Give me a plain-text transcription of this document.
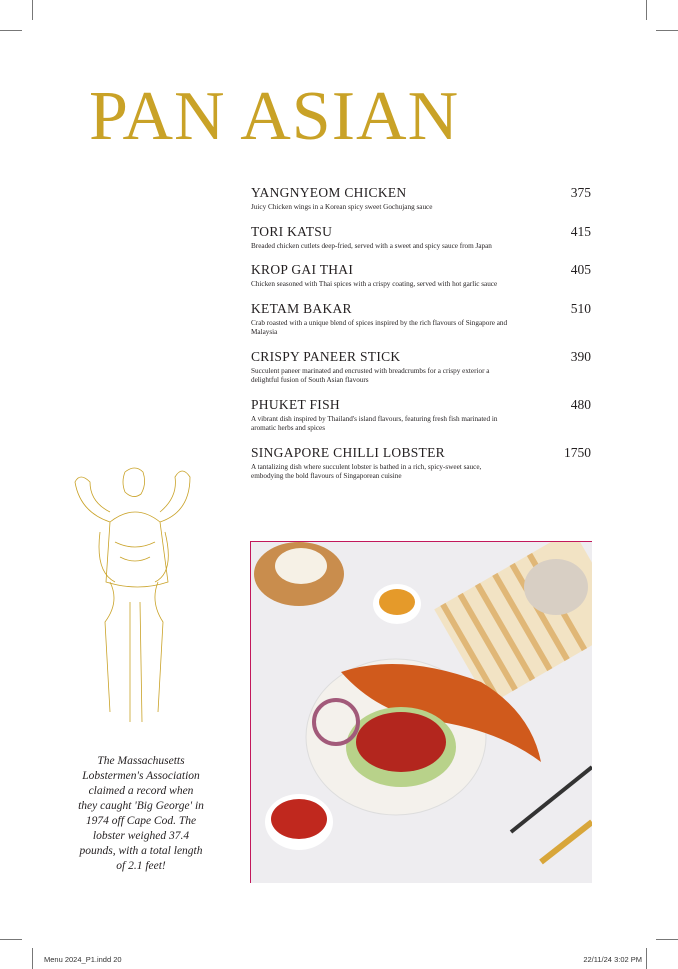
PAN ASIAN
YANGNYEOM CHICKEN	375
Juicy Chicken wings in a Korean spicy sweet Gochujang sauce
TORI KATSU	415
Breaded chicken cutlets deep-fried, served with a sweet and spicy sauce from Japan
KROP GAI THAI	405
Chicken seasoned with Thai spices with a crispy coating, served with hot garlic sauce
KETAM BAKAR	510
Crab roasted with a unique blend of spices inspired by the rich flavours of Singapore and Malaysia
CRISPY PANEER STICK	390
Succulent paneer marinated and encrusted with breadcrumbs for a crispy exterior a delightful fusion of South Asian flavours
PHUKET FISH	480
A vibrant dish inspired by Thailand's island flavours, featuring fresh fish marinated in aromatic herbs and spices
SINGAPORE CHILLI LOBSTER	1750
A tantalizing dish where succulent lobster is bathed in a rich, spicy-sweet sauce, embodying the bold flavours of Singaporean cuisine
The Massachusetts Lobstermen's Association claimed a record when they caught 'Big George' in 1974 off Cape Cod. The lobster weighed 37.4 pounds, with a total length of 2.1 feet!
Menu 2024_P1.indd 20	22/11/24 3:02 PM
